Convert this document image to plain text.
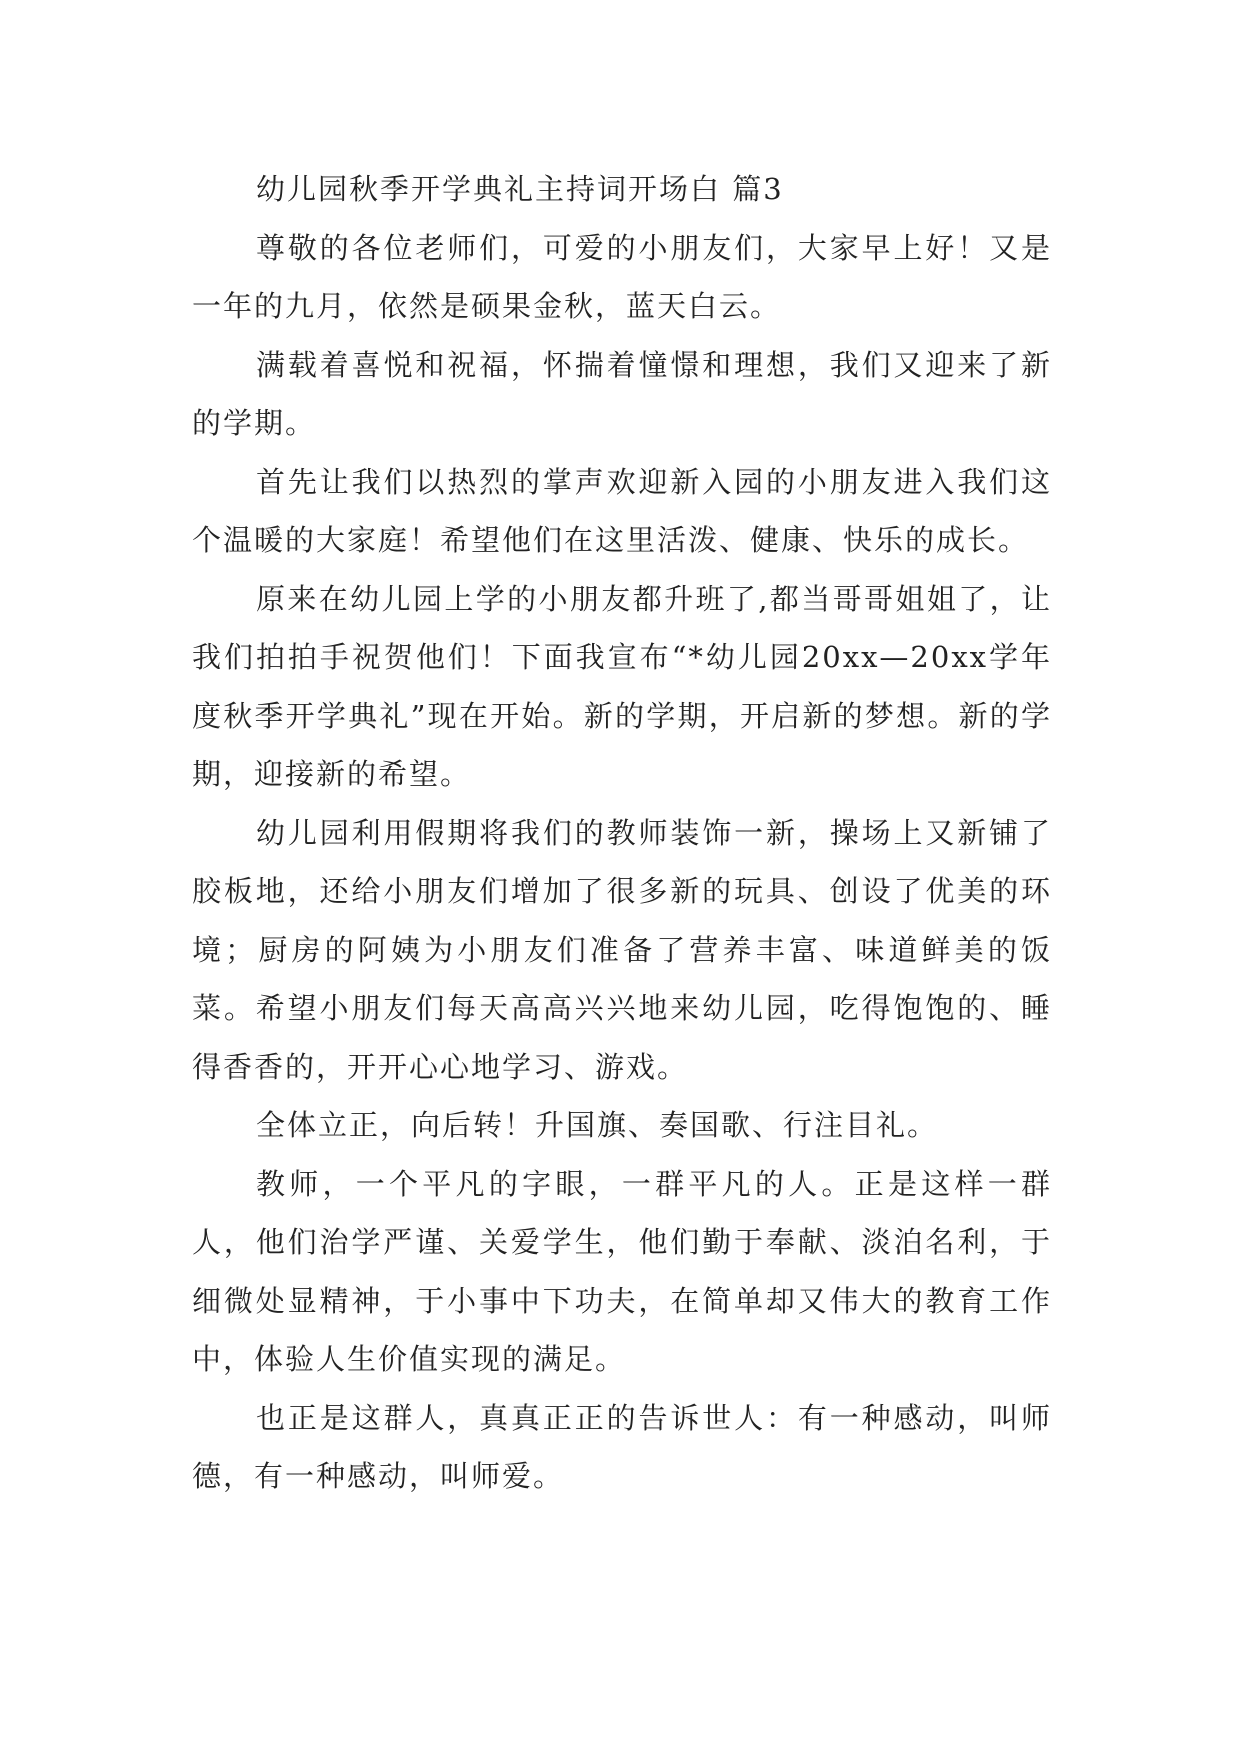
幼儿园秋季开学典礼主持词开场白 篇3

尊敬的各位老师们，可爱的小朋友们，大家早上好！又是一年的九月，依然是硕果金秋，蓝天白云。

满载着喜悦和祝福，怀揣着憧憬和理想，我们又迎来了新的学期。

首先让我们以热烈的掌声欢迎新入园的小朋友进入我们这个温暖的大家庭！希望他们在这里活泼、健康、快乐的成长。

原来在幼儿园上学的小朋友都升班了,都当哥哥姐姐了，让我们拍拍手祝贺他们！下面我宣布“*幼儿园20xx—20xx学年度秋季开学典礼”现在开始。新的学期，开启新的梦想。新的学期，迎接新的希望。

幼儿园利用假期将我们的教师装饰一新，操场上又新铺了胶板地，还给小朋友们增加了很多新的玩具、创设了优美的环境；厨房的阿姨为小朋友们准备了营养丰富、味道鲜美的饭菜。希望小朋友们每天高高兴兴地来幼儿园，吃得饱饱的、睡得香香的，开开心心地学习、游戏。

全体立正，向后转！升国旗、奏国歌、行注目礼。

教师，一个平凡的字眼，一群平凡的人。正是这样一群人，他们治学严谨、关爱学生，他们勤于奉献、淡泊名利，于细微处显精神，于小事中下功夫，在简单却又伟大的教育工作中，体验人生价值实现的满足。

也正是这群人，真真正正的告诉世人：有一种感动，叫师德，有一种感动，叫师爱。
